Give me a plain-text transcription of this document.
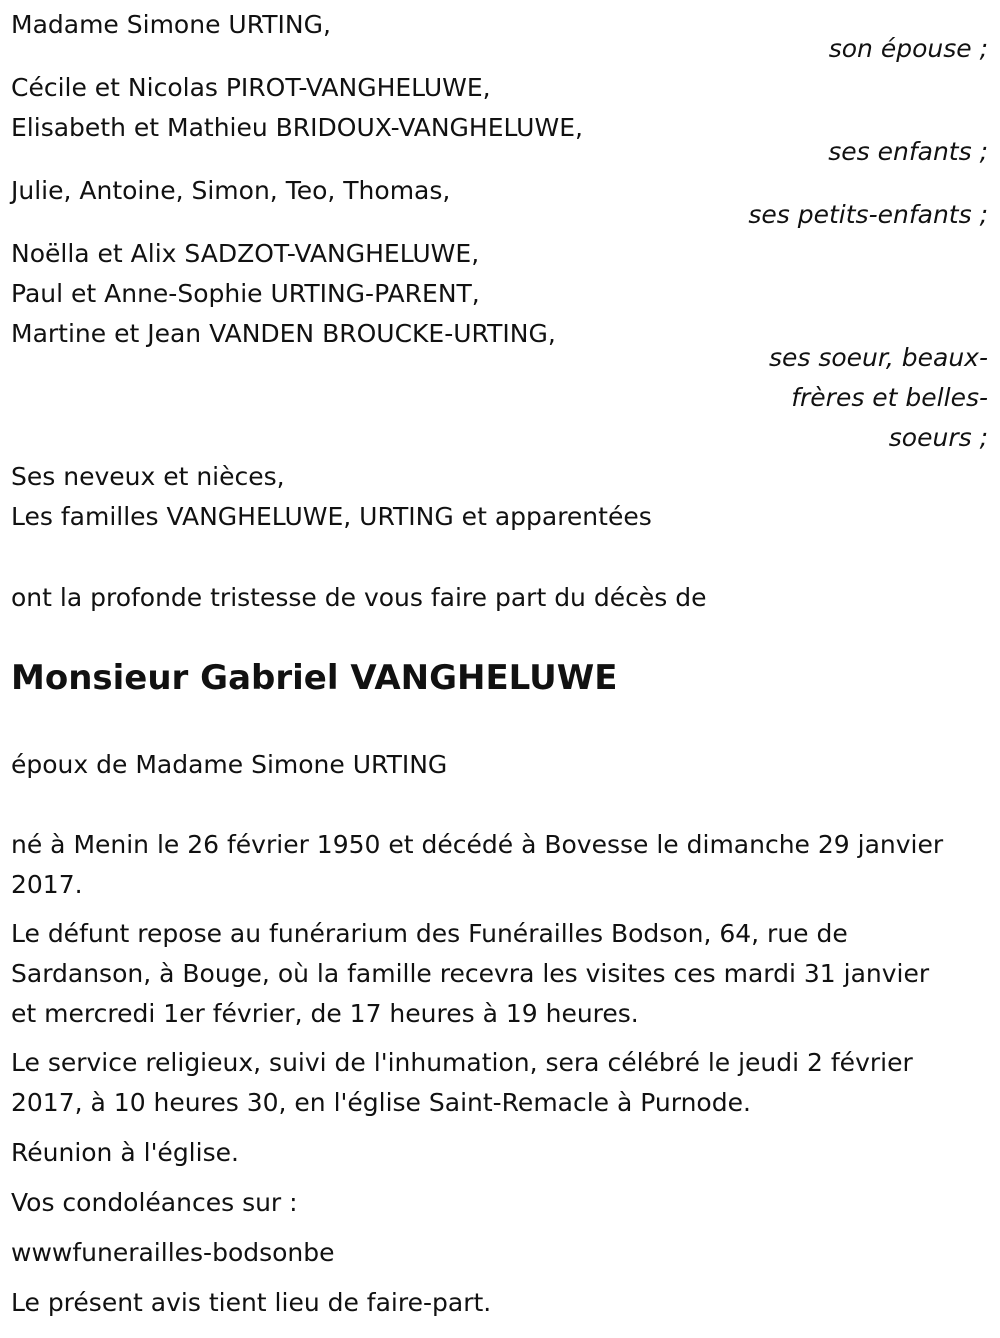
Madame Simone URTING,
son épouse ;
Cécile et Nicolas PIROT-VANGHELUWE,
Elisabeth et Mathieu BRIDOUX-VANGHELUWE,
ses enfants ;
Julie, Antoine, Simon, Teo, Thomas,
ses petits-enfants ;
Noëlla et Alix SADZOT-VANGHELUWE,
Paul et Anne-Sophie URTING-PARENT,
Martine et Jean VANDEN BROUCKE-URTING,
ses soeur, beaux-
frères et belles-
soeurs ;
Ses neveux et nièces,
Les familles VANGHELUWE, URTING et apparentées
ont la profonde tristesse de vous faire part du décès de
Monsieur Gabriel VANGHELUWE
époux de Madame Simone URTING
né à Menin le 26 février 1950 et décédé à Bovesse le dimanche 29 janvier
2017.
Le défunt repose au funérarium des Funérailles Bodson, 64, rue de
Sardanson, à Bouge, où la famille recevra les visites ces mardi 31 janvier
et mercredi 1er février, de 17 heures à 19 heures.
Le service religieux, suivi de l'inhumation, sera célébré le jeudi 2 février
2017, à 10 heures 30, en l'église Saint-Remacle à Purnode.
Réunion à l'église.
Vos condoléances sur :
wwwfunerailles-bodsonbe
Le présent avis tient lieu de faire-part.
